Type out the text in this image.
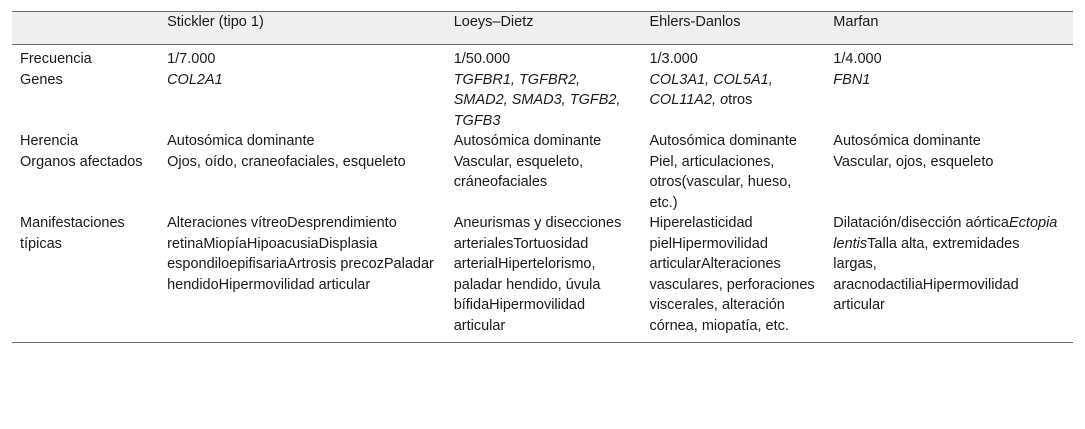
	Stickler (tipo 1)	Loeys–Dietz	Ehlers-Danlos	Marfan
Frecuencia	1/7.000	1/50.000	1/3.000	1/4.000
Genes	COL2A1	TGFBR1, TGFBR2, SMAD2, SMAD3, TGFB2, TGFB3	COL3A1, COL5A1, COL11A2, otros	FBN1
Herencia	Autosómica dominante	Autosómica dominante	Autosómica dominante	Autosómica dominante
Organos afectados	Ojos, oído, craneofaciales, esqueleto	Vascular, esqueleto, cráneofaciales	Piel, articulaciones, otros(vascular, hueso, etc.)	Vascular, ojos, esqueleto
Manifestaciones típicas	Alteraciones vítreoDesprendimiento retinaMiopíaHipoacusiaDisplasia espondiloepifisariaArtrosis precozPaladar hendidoHipermovilidad articular	Aneurismas y disecciones arterialesTortuosidad arterialHipertelorismo, paladar hendido, úvula bífidaHipermovilidad articular	Hiperelasticidad pielHipermovilidad articularAlteraciones vasculares, perforaciones viscerales, alteración córnea, miopatía, etc.	Dilatación/disección aórticaEctopia lentisTalla alta, extremidades largas, aracnodactiliaHipermovilidad articular
